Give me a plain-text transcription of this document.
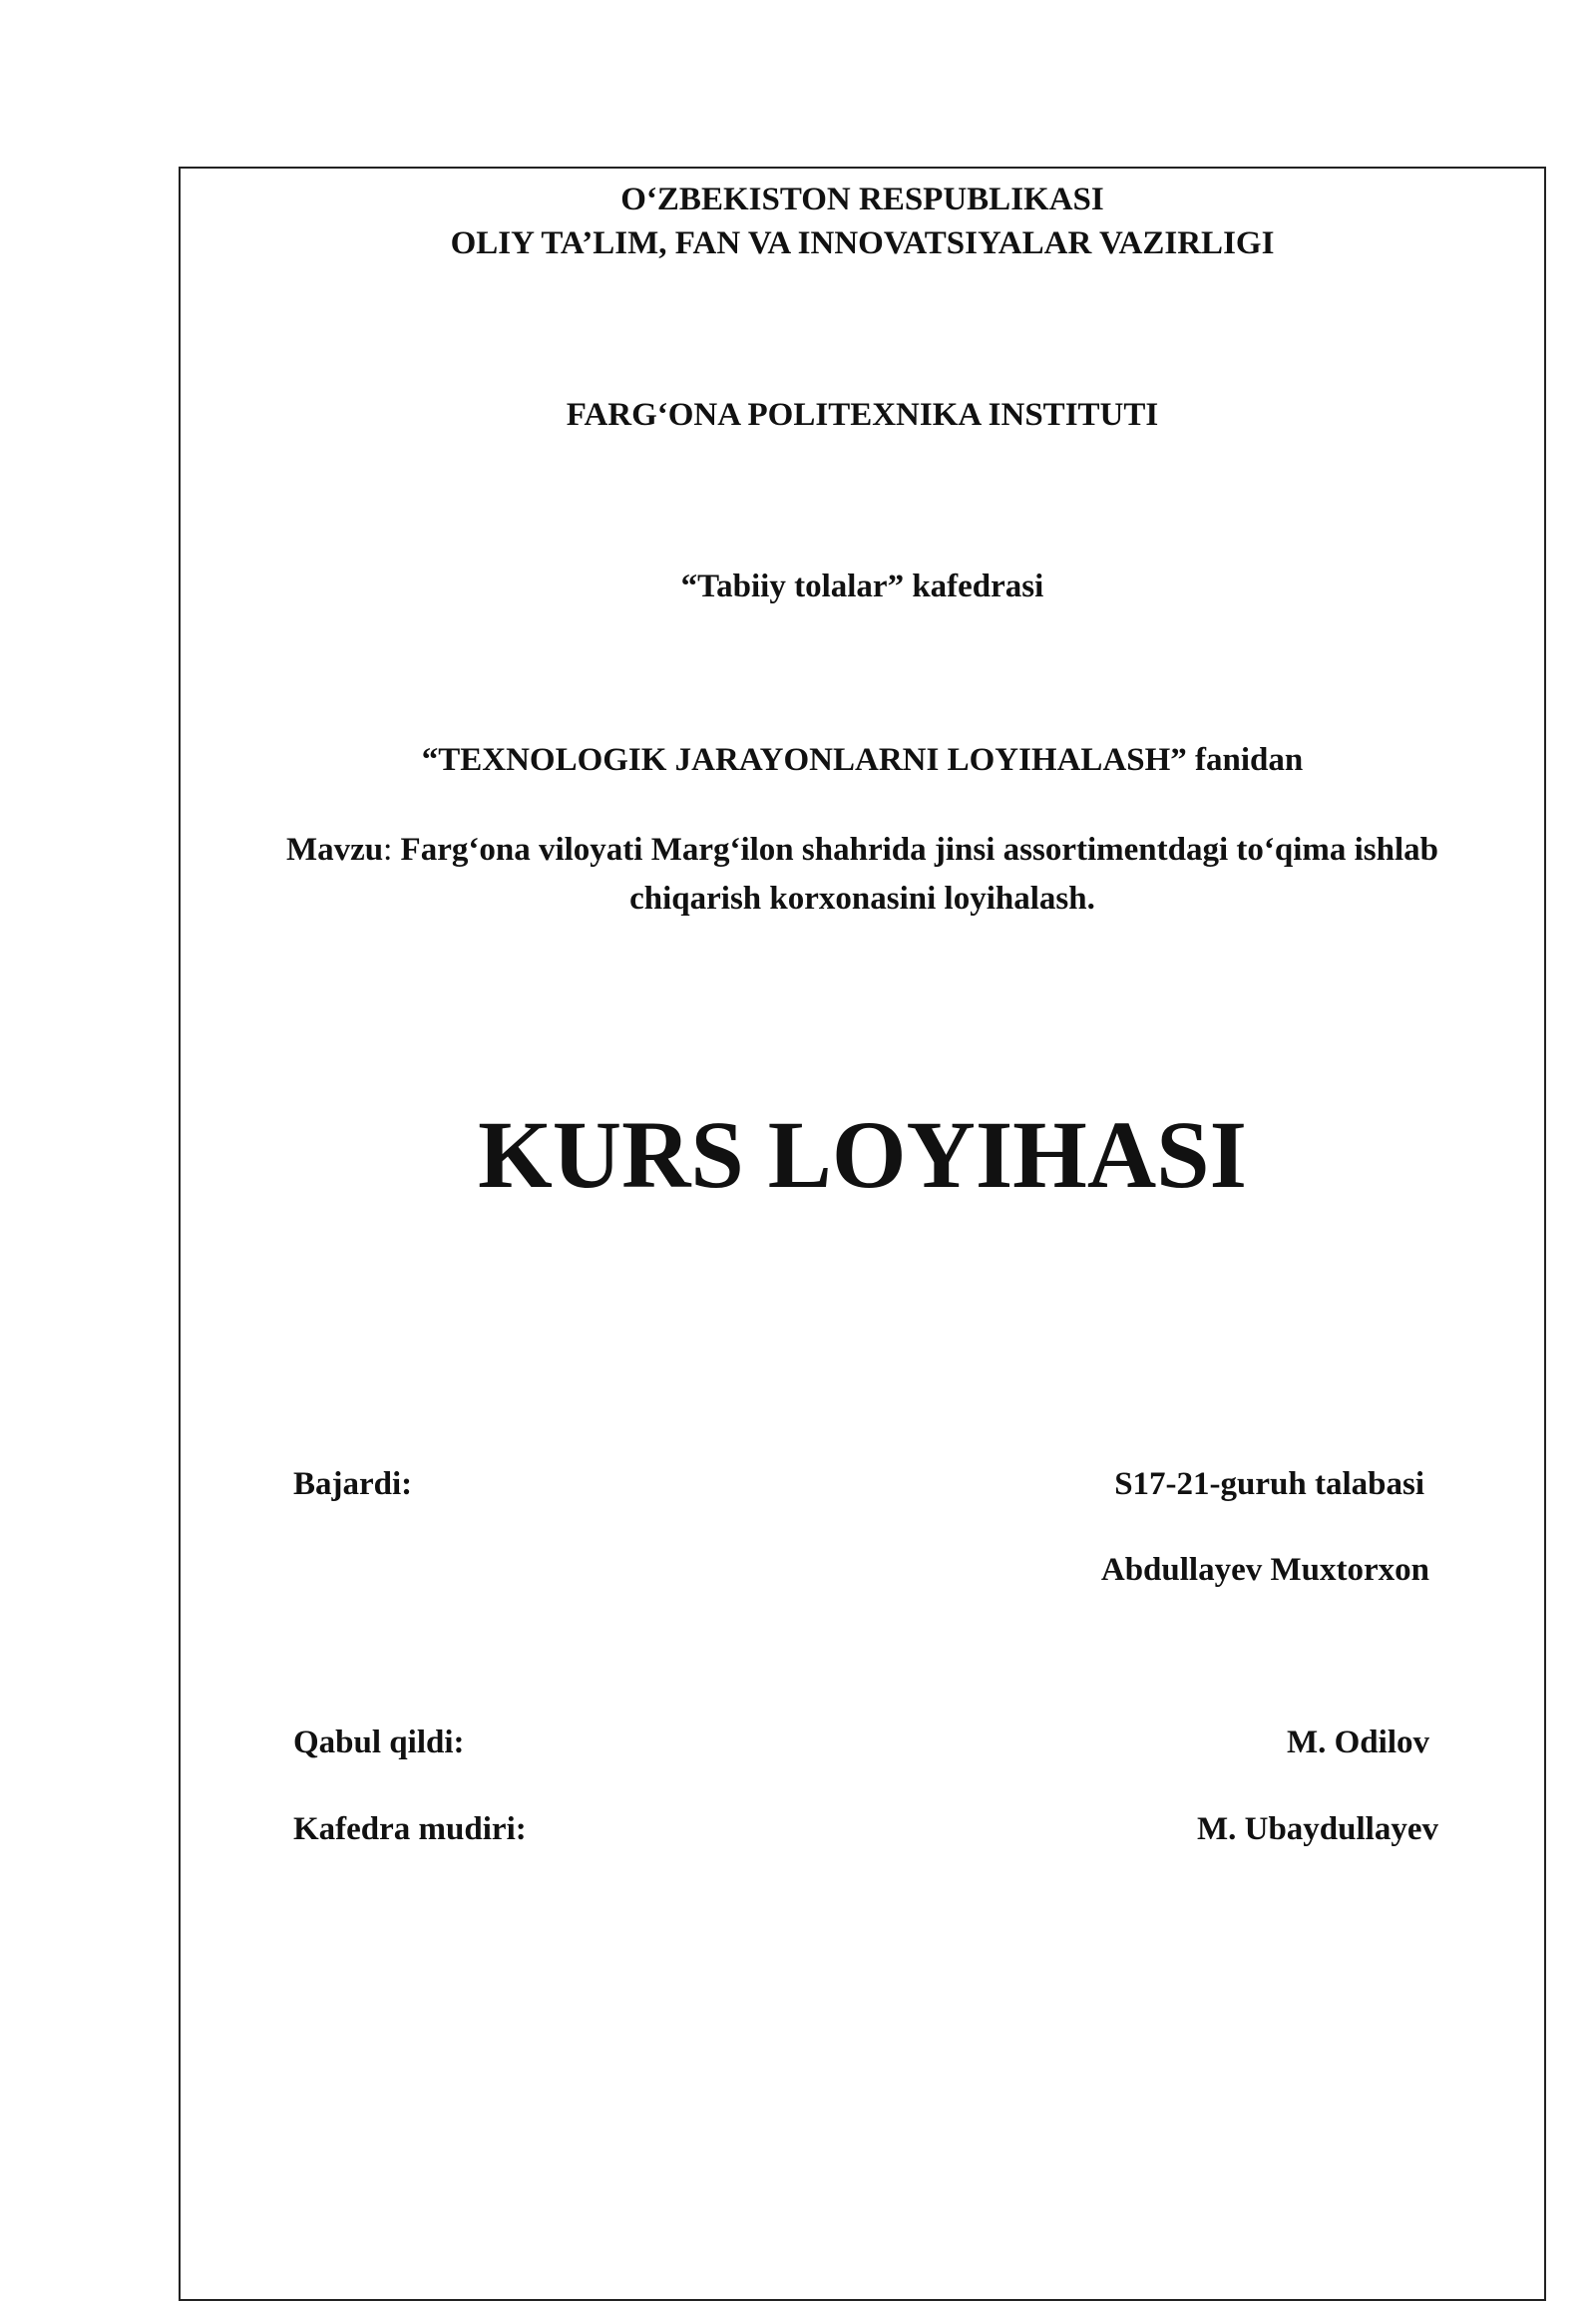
O‘ZBEKISTON RESPUBLIKASI
OLIY TA’LIM, FAN VA INNOVATSIYALAR VAZIRLIGI
FARG‘ONA POLITEXNIKA INSTITUTI
“Tabiiy tolalar” kafedrasi
“TEXNOLOGIK JARAYONLARNI LOYIHALASH” fanidan
Mavzu: Farg‘ona viloyati Marg‘ilon shahrida jinsi assortimentdagi to‘qima ishlab
chiqarish korxonasini loyihalash.
KURS LOYIHASI
Bajardi:	S17-21-guruh talabasi
Abdullayev Muxtorxon
Qabul qildi:	M. Odilov
Kafedra mudiri:	M. Ubaydullayev
